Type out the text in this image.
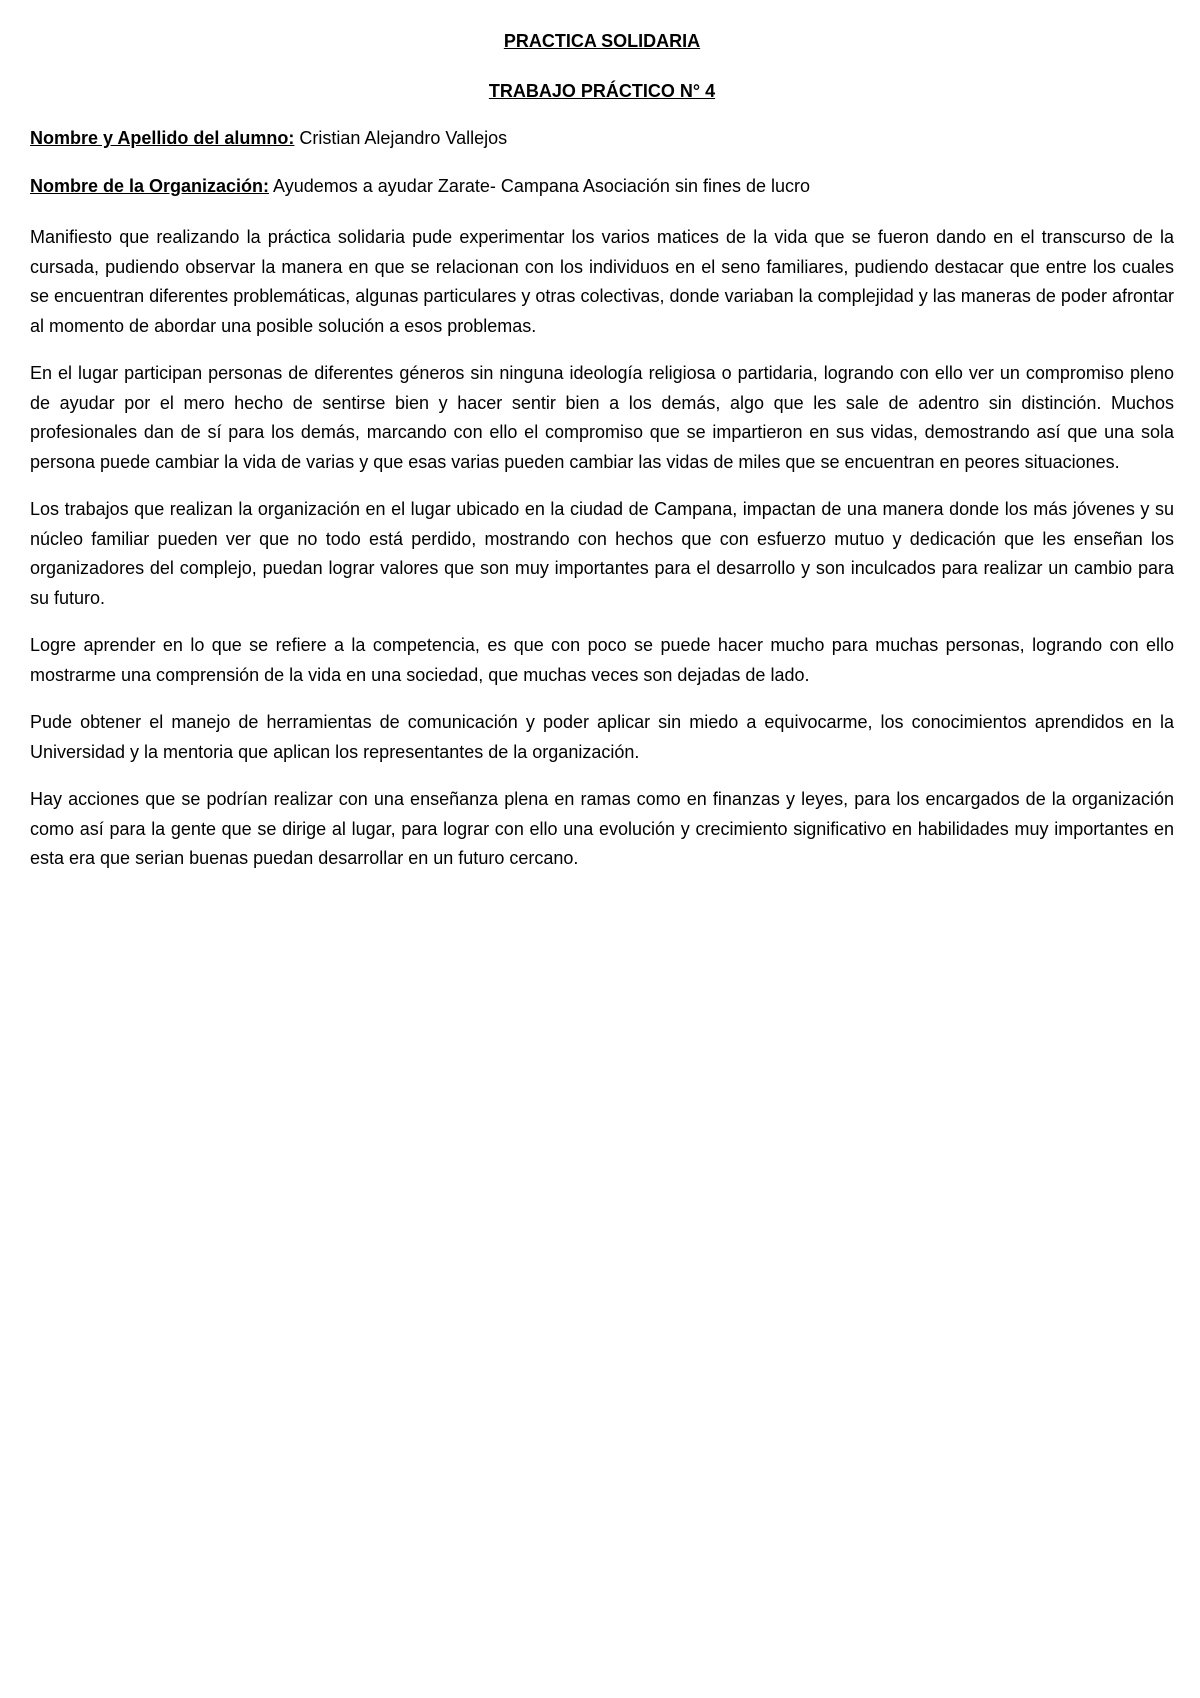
PRACTICA SOLIDARIA
TRABAJO PRÁCTICO N° 4

Nombre y Apellido del alumno: Cristian Alejandro Vallejos

Nombre de la Organización: Ayudemos a ayudar Zarate- Campana Asociación sin fines de lucro

Manifiesto que realizando la práctica solidaria pude experimentar los varios matices de la vida que se fueron dando en el transcurso de la cursada, pudiendo observar la manera en que se relacionan con los individuos en el seno familiares, pudiendo destacar que entre los cuales se encuentran diferentes problemáticas, algunas particulares y otras colectivas, donde variaban la complejidad y las maneras de poder afrontar al momento de abordar una posible solución a esos problemas.

En el lugar participan personas de diferentes géneros sin ninguna ideología religiosa o partidaria, logrando con ello ver un compromiso pleno de ayudar por el mero hecho de sentirse bien y hacer sentir bien a los demás, algo que les sale de adentro sin distinción. Muchos profesionales dan de sí para los demás, marcando con ello el compromiso que se impartieron en sus vidas, demostrando así que una sola persona puede cambiar la vida de varias y que esas varias pueden cambiar las vidas de miles que se encuentran en peores situaciones.

Los trabajos que realizan la organización en el lugar ubicado en la ciudad de Campana, impactan de una manera donde los más jóvenes y su núcleo familiar pueden ver que no todo está perdido, mostrando con hechos que con esfuerzo mutuo y dedicación que les enseñan los organizadores del complejo, puedan lograr valores que son muy importantes para el desarrollo y son inculcados para realizar un cambio para su futuro.

Logre aprender en lo que se refiere a la competencia, es que con poco se puede hacer mucho para muchas personas, logrando con ello mostrarme una comprensión de la vida en una sociedad, que muchas veces son dejadas de lado.

Pude obtener el manejo de herramientas de comunicación y poder aplicar sin miedo a equivocarme, los conocimientos aprendidos en la Universidad y la mentoria que aplican los representantes de la organización.

Hay acciones que se podrían realizar con una enseñanza plena en ramas como en finanzas y leyes, para los encargados de la organización como así para la gente que se dirige al lugar, para lograr con ello una evolución y crecimiento significativo en habilidades muy importantes en esta era que serian buenas puedan desarrollar en un futuro cercano.
